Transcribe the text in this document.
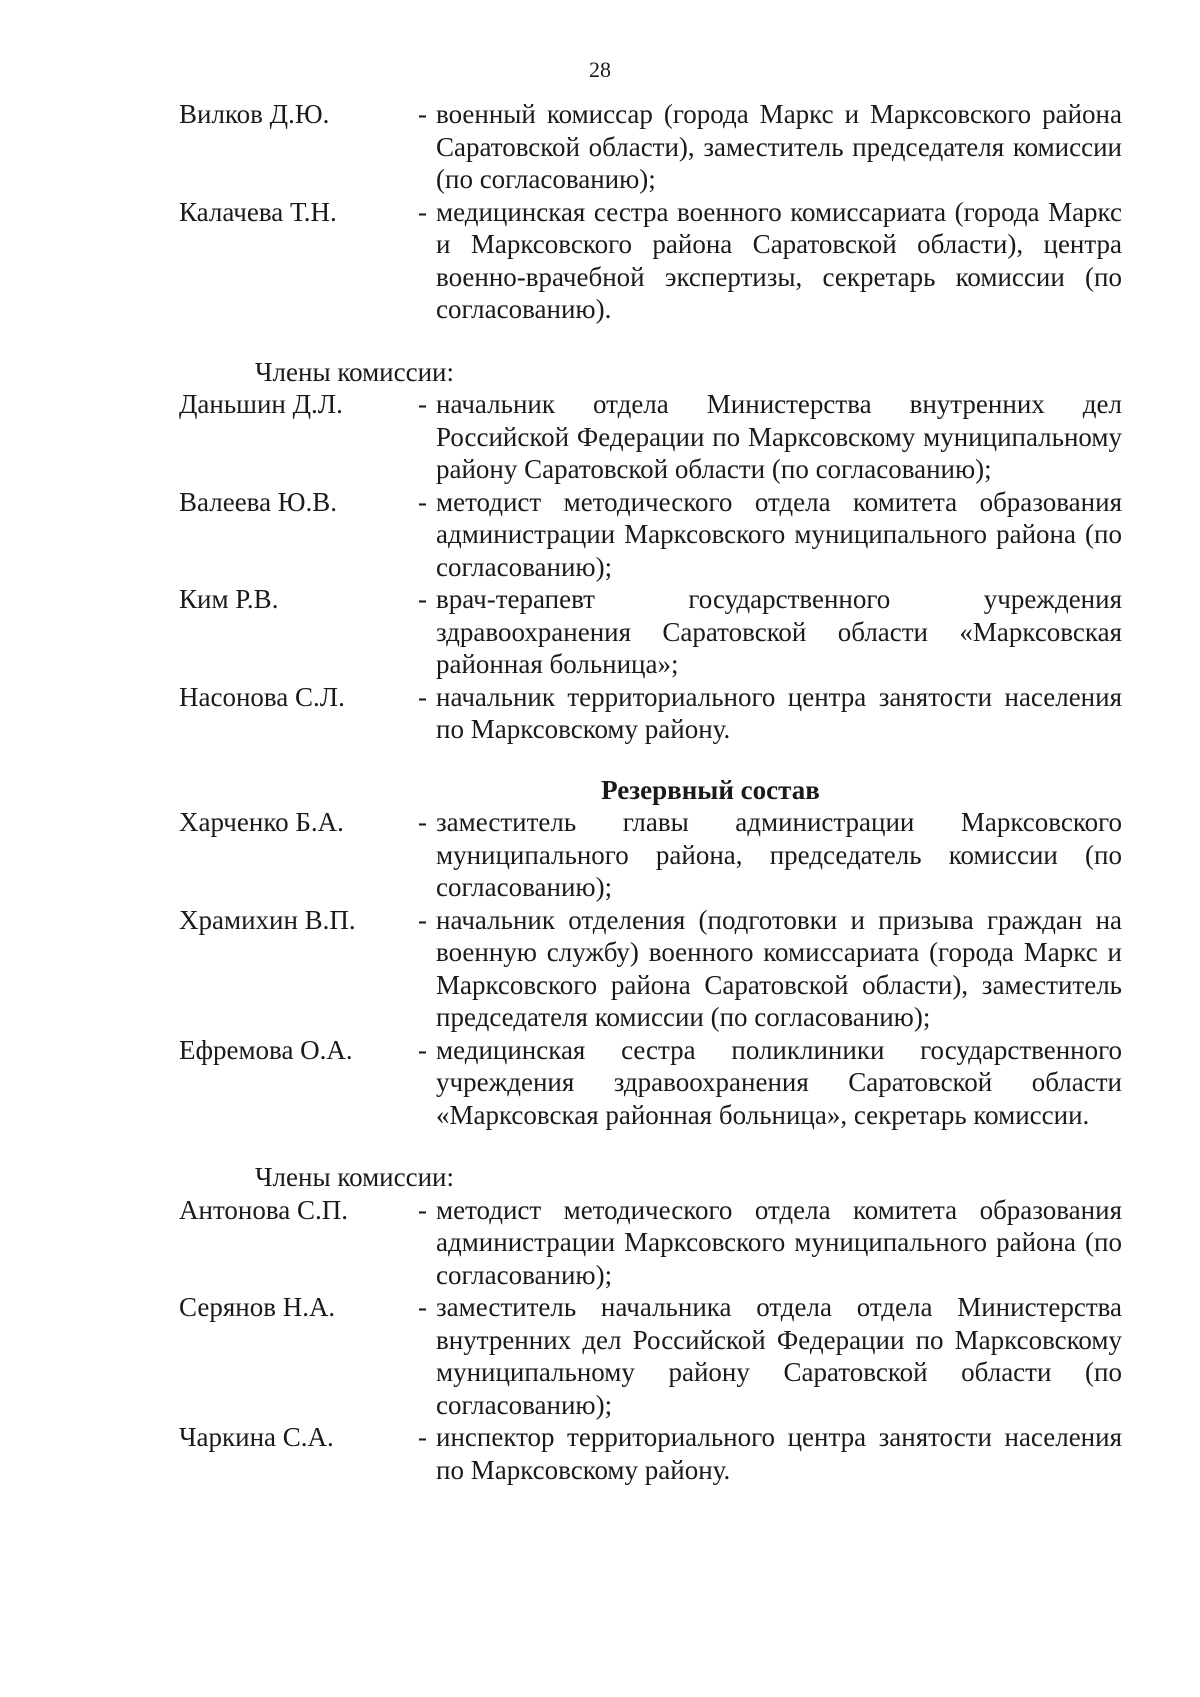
28
Вилков Д.Ю.	- военный комиссар (города Маркс и Марксовского района Саратовской области), заместитель председателя комиссии (по согласованию);
Калачева Т.Н.	- медицинская сестра военного комиссариата (города Маркс и Марксовского района Саратовской области), центра военно-врачебной экспертизы, секретарь комиссии (по согласованию).
Члены комиссии:
Даньшин Д.Л.	- начальник отдела Министерства внутренних дел Российской Федерации по Марксовскому муниципальному району Саратовской области (по согласованию);
Валеева Ю.В.	- методист методического отдела комитета образования администрации Марксовского муниципального района (по согласованию);
Ким Р.В.	- врач-терапевт государственного учреждения здравоохранения Саратовской области «Марксовская районная больница»;
Насонова С.Л.	- начальник территориального центра занятости населения по Марксовскому району.
Резервный состав
Харченко Б.А.	- заместитель главы администрации Марксовского муниципального района, председатель комиссии (по согласованию);
Храмихин В.П.	- начальник отделения (подготовки и призыва граждан на военную службу) военного комиссариата (города Маркс и Марксовского района Саратовской области), заместитель председателя комиссии (по согласованию);
Ефремова О.А.	- медицинская сестра поликлиники государственного учреждения здравоохранения Саратовской области «Марксовская районная больница», секретарь комиссии.
Члены комиссии:
Антонова С.П.	- методист методического отдела комитета образования администрации Марксовского муниципального района (по согласованию);
Серянов Н.А.	- заместитель начальника отдела отдела Министерства внутренних дел Российской Федерации по Марксовскому муниципальному району Саратовской области (по согласованию);
Чаркина С.А.	- инспектор территориального центра занятости населения по Марксовскому району.
